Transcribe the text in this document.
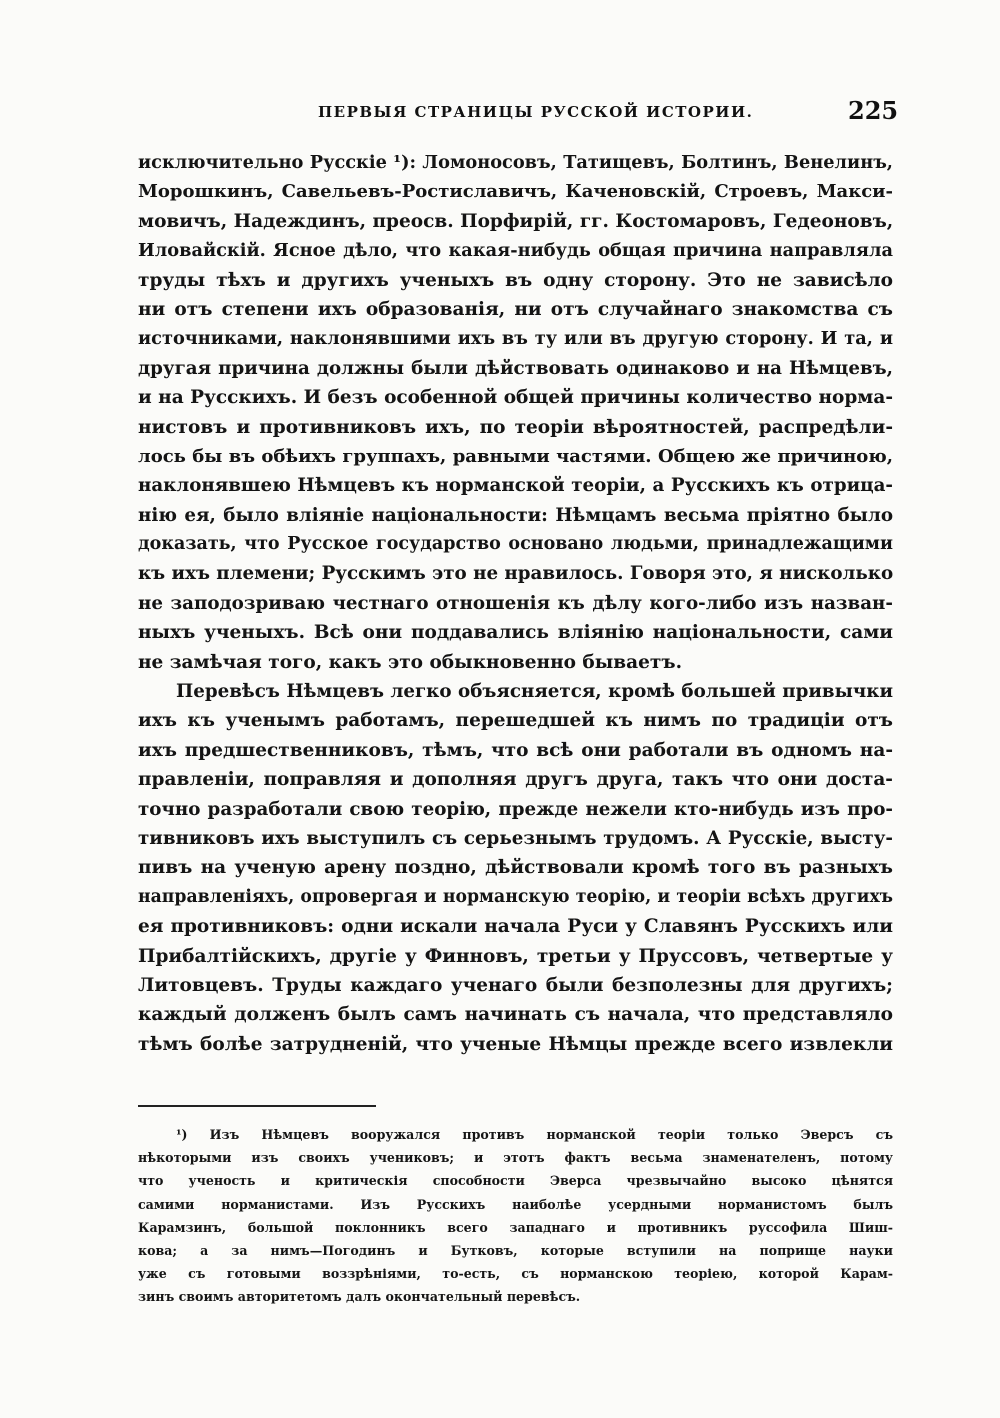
ПЕРВЫЯ СТРАНИЦЫ РУССКОЙ ИСТОРИИ.	225
исключительно Русскіе ¹): Ломоносовъ, Татищевъ, Болтинъ, Венелинъ,
Морошкинъ, Савельевъ-Ростиславичъ, Каченовскій, Строевъ, Макси-
мовичъ, Надеждинъ, преосв. Порфирій, гг. Костомаровъ, Гедеоновъ,
Иловайскій. Ясное дѣло, что какая-нибудь общая причина направляла
труды тѣхъ и другихъ ученыхъ въ одну сторону. Это не зависѣло
ни отъ степени ихъ образованія, ни отъ случайнаго знакомства съ
источниками, наклонявшими ихъ въ ту или въ другую сторону. И та, и
другая причина должны были дѣйствовать одинаково и на Нѣмцевъ,
и на Русскихъ. И безъ особенной общей причины количество норма-
нистовъ и противниковъ ихъ, по теоріи вѣроятностей, распредѣли-
лось бы въ обѣихъ группахъ, равными частями. Общею же причиною,
наклонявшею Нѣмцевъ къ норманской теоріи, а Русскихъ къ отрица-
нію ея, было вліяніе національности: Нѣмцамъ весьма пріятно было
доказать, что Русское государство основано людьми, принадлежащими
къ ихъ племени; Русскимъ это не нравилось. Говоря это, я нисколько
не заподозриваю честнаго отношенія къ дѣлу кого-либо изъ назван-
ныхъ ученыхъ. Всѣ они поддавались вліянію національности, сами
не замѣчая того, какъ это обыкновенно бываетъ.
Перевѣсъ Нѣмцевъ легко объясняется, кромѣ большей привычки
ихъ къ ученымъ работамъ, перешедшей къ нимъ по традиціи отъ
ихъ предшественниковъ, тѣмъ, что всѣ они работали въ одномъ на-
правленіи, поправляя и дополняя другъ друга, такъ что они доста-
точно разработали свою теорію, прежде нежели кто-нибудь изъ про-
тивниковъ ихъ выступилъ съ серьезнымъ трудомъ. А Русскіе, высту-
пивъ на ученую арену поздно, дѣйствовали кромѣ того въ разныхъ
направленіяхъ, опровергая и норманскую теорію, и теоріи всѣхъ другихъ
ея противниковъ: одни искали начала Руси у Славянъ Русскихъ или
Прибалтійскихъ, другіе у Финновъ, третьи у Пруссовъ, четвертые у
Литовцевъ. Труды каждаго ученаго были безполезны для другихъ;
каждый долженъ былъ самъ начинать съ начала, что представляло
тѣмъ болѣе затрудненій, что ученые Нѣмцы прежде всего извлекли
¹) Изъ Нѣмцевъ вооружался противъ норманской теоріи только Эверсъ съ
нѣкоторыми изъ своихъ учениковъ; и этотъ фактъ весьма знаменателенъ, потому
что ученость и критическія способности Эверса чрезвычайно высоко цѣнятся
самими норманистами. Изъ Русскихъ наиболѣе усердными норманистомъ былъ
Карамзинъ, большой поклонникъ всего западнаго и противникъ руссофила Шиш-
кова; а за нимъ—Погодинъ и Бутковъ, которые вступили на поприще науки
уже съ готовыми воззрѣніями, то-есть, съ норманскою теоріею, которой Карам-
зинъ своимъ авторитетомъ далъ окончательный перевѣсъ.
